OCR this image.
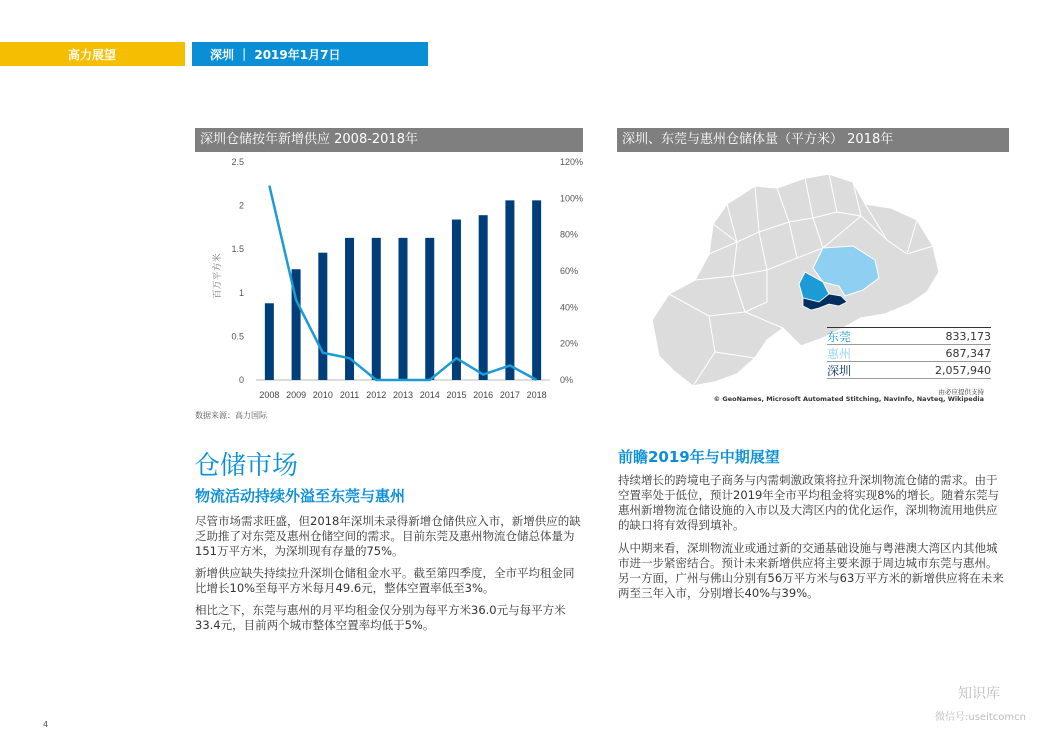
高力展望	深圳 ｜ 2019年1月7日
深圳仓储按年新增供应 2008-2018年	深圳、东莞与惠州仓储体量（平方米） 2018年
0
0.5
1
1.5
2
2.5
0%
20%
40%
60%
80%
100%
120%
百万平方米
2008 2009 2010 2011 2012 2013 2014 2015 2016 2017 2018
数据来源：高力国际
东莞	833,173
惠州	687,347
深圳	2,057,940
由必应提供支持
© GeoNames, Microsoft Automated Stitching, NavInfo, Navteq, Wikipedia
仓储市场
物流活动持续外溢至东莞与惠州
尽管市场需求旺盛，但2018年深圳未录得新增仓储供应入市，新增供应的缺乏助推了对东莞及惠州仓储空间的需求。目前东莞及惠州物流仓储总体量为151万平方米，为深圳现有存量的75%。
新增供应缺失持续拉升深圳仓储租金水平。截至第四季度，全市平均租金同比增长10%至每平方米每月49.6元，整体空置率低至3%。
相比之下，东莞与惠州的月平均租金仅分别为每平方米36.0元与每平方米33.4元，目前两个城市整体空置率均低于5%。
前瞻2019年与中期展望
持续增长的跨境电子商务与内需刺激政策将拉升深圳物流仓储的需求。由于空置率处于低位，预计2019年全市平均租金将实现8%的增长。随着东莞与惠州新增物流仓储设施的入市以及大湾区内的优化运作，深圳物流用地供应的缺口将有效得到填补。
从中期来看，深圳物流业或通过新的交通基础设施与粤港澳大湾区内其他城市进一步紧密结合。预计未来新增供应将主要来源于周边城市东莞与惠州。另一方面，广州与佛山分别有56万平方米与63万平方米的新增供应将在未来两至三年入市，分别增长40%与39%。
4
知识库
微信号:useitcomcn
